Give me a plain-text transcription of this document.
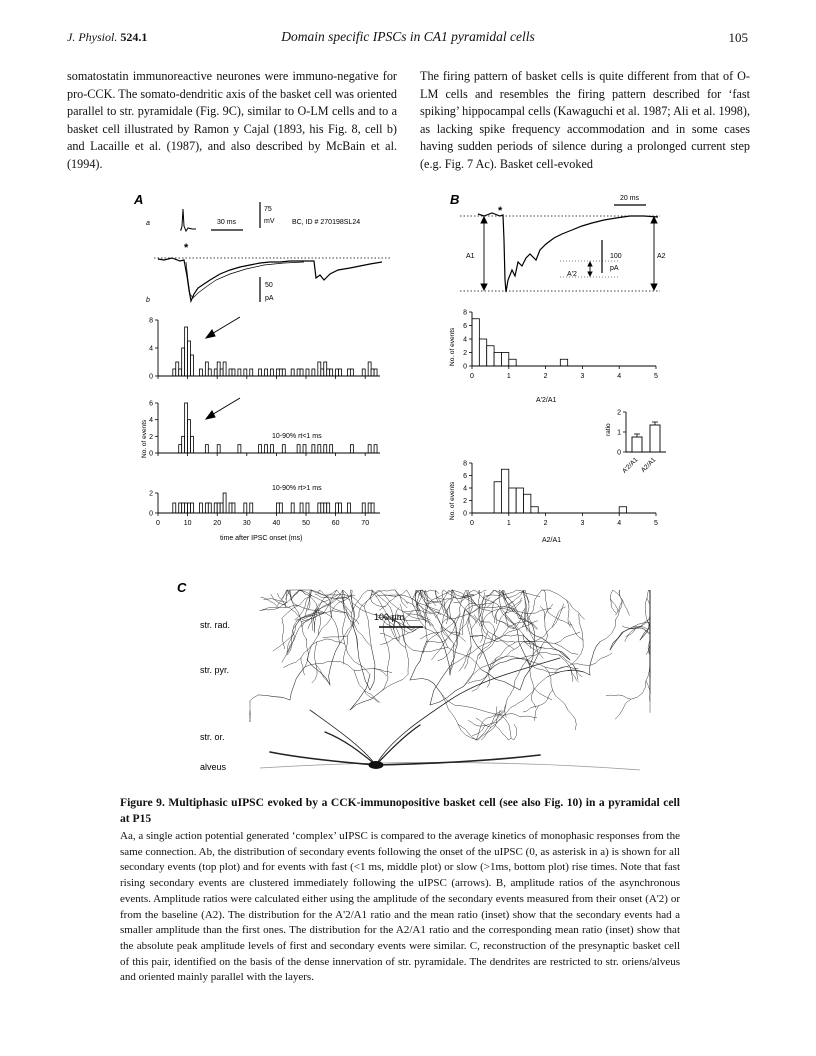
J. Physiol. 524.1	Domain specific IPSCs in CA1 pyramidal cells	105
somatostatin immunoreactive neurones were immuno-negative for pro-CCK. The somato-dendritic axis of the basket cell was oriented parallel to str. pyramidale (Fig. 9C), similar to O-LM cells and to a basket cell illustrated by Ramon y Cajal (1893, his Fig. 8, cell b) and Lacaille et al. (1987), and also described by McBain et al. (1994).
The firing pattern of basket cells is quite different from that of O-LM cells and resembles the firing pattern described for ‘fast spiking’ hippocampal cells (Kawaguchi et al. 1987; Ali et al. 1998), as lacking spike frequency accommodation and in some cases having sudden periods of silence during a prolonged current step (e.g. Fig. 7 Ac). Basket cell-evoked
A	B
C
a
b
30 ms
75
mV	BC, ID # 270198SL24
*
50
pA
0
4
8
0
2
4
6
0
2
0	10	20	30	40	50	60	70
No. of events	10-90% rt<1 ms
10-90% rt>1 ms
time after IPSC onset (ms)
*
20 ms
100
pA
A1	A2
A'2
0
2
4
6
8
0	1	2	3	4	5
0
2
4
6
8
0	1	2	3	4	5
0
1
2
A'2/A1 A2/A1
No. of events
No. of events
A'2/A1
A2/A1
ratio
100 µm
str. rad.
str. pyr.
str. or.
alveus
Figure 9. Multiphasic uIPSC evoked by a CCK-immunopositive basket cell (see also Fig. 10) in a pyramidal cell at P15
Aa, a single action potential generated ‘complex’ uIPSC is compared to the average kinetics of monophasic responses from the same connection. Ab, the distribution of secondary events following the onset of the uIPSC (0, as asterisk in a) is shown for all secondary events (top plot) and for events with fast (<1 ms, middle plot) or slow (>1ms, bottom plot) rise times. Note that fast rising secondary events are clustered immediately following the uIPSC (arrows). B, amplitude ratios of the asynchronous events. Amplitude ratios were calculated either using the amplitude of the secondary events measured from their onset (A'2) or from the baseline (A2). The distribution for the A'2/A1 ratio and the mean ratio (inset) show that the secondary events had a smaller amplitude than the first ones. The distribution for the A2/A1 ratio and the corresponding mean ratio (inset) show that the absolute peak amplitude levels of first and secondary events were similar. C, reconstruction of the presynaptic basket cell of this pair, identified on the basis of the dense innervation of str. pyramidale. The dendrites are restricted to str. oriens/alveus and oriented mainly parallel with the layers.
